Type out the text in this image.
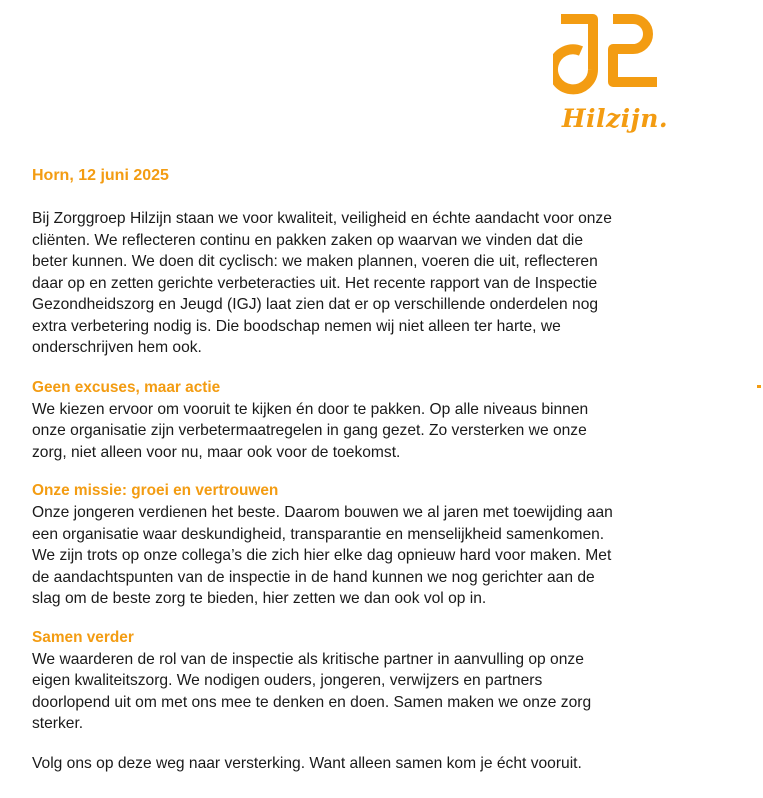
Hilzijn.
Horn, 12 juni 2025

Bij Zorggroep Hilzijn staan we voor kwaliteit, veiligheid en échte aandacht voor onze
cliënten. We reflecteren continu en pakken zaken op waarvan we vinden dat die
beter kunnen. We doen dit cyclisch: we maken plannen, voeren die uit, reflecteren
daar op en zetten gerichte verbeteracties uit. Het recente rapport van de Inspectie
Gezondheidszorg en Jeugd (IGJ) laat zien dat er op verschillende onderdelen nog
extra verbetering nodig is. Die boodschap nemen wij niet alleen ter harte, we
onderschrijven hem ook.

Geen excuses, maar actie

We kiezen ervoor om vooruit te kijken én door te pakken. Op alle niveaus binnen
onze organisatie zijn verbetermaatregelen in gang gezet. Zo versterken we onze
zorg, niet alleen voor nu, maar ook voor de toekomst.

Onze missie: groei en vertrouwen

Onze jongeren verdienen het beste. Daarom bouwen we al jaren met toewijding aan
een organisatie waar deskundigheid, transparantie en menselijkheid samenkomen.
We zijn trots op onze collega’s die zich hier elke dag opnieuw hard voor maken. Met
de aandachtspunten van de inspectie in de hand kunnen we nog gerichter aan de
slag om de beste zorg te bieden, hier zetten we dan ook vol op in.

Samen verder

We waarderen de rol van de inspectie als kritische partner in aanvulling op onze
eigen kwaliteitszorg. We nodigen ouders, jongeren, verwijzers en partners
doorlopend uit om met ons mee te denken en doen. Samen maken we onze zorg
sterker.

Volg ons op deze weg naar versterking. Want alleen samen kom je écht vooruit.
